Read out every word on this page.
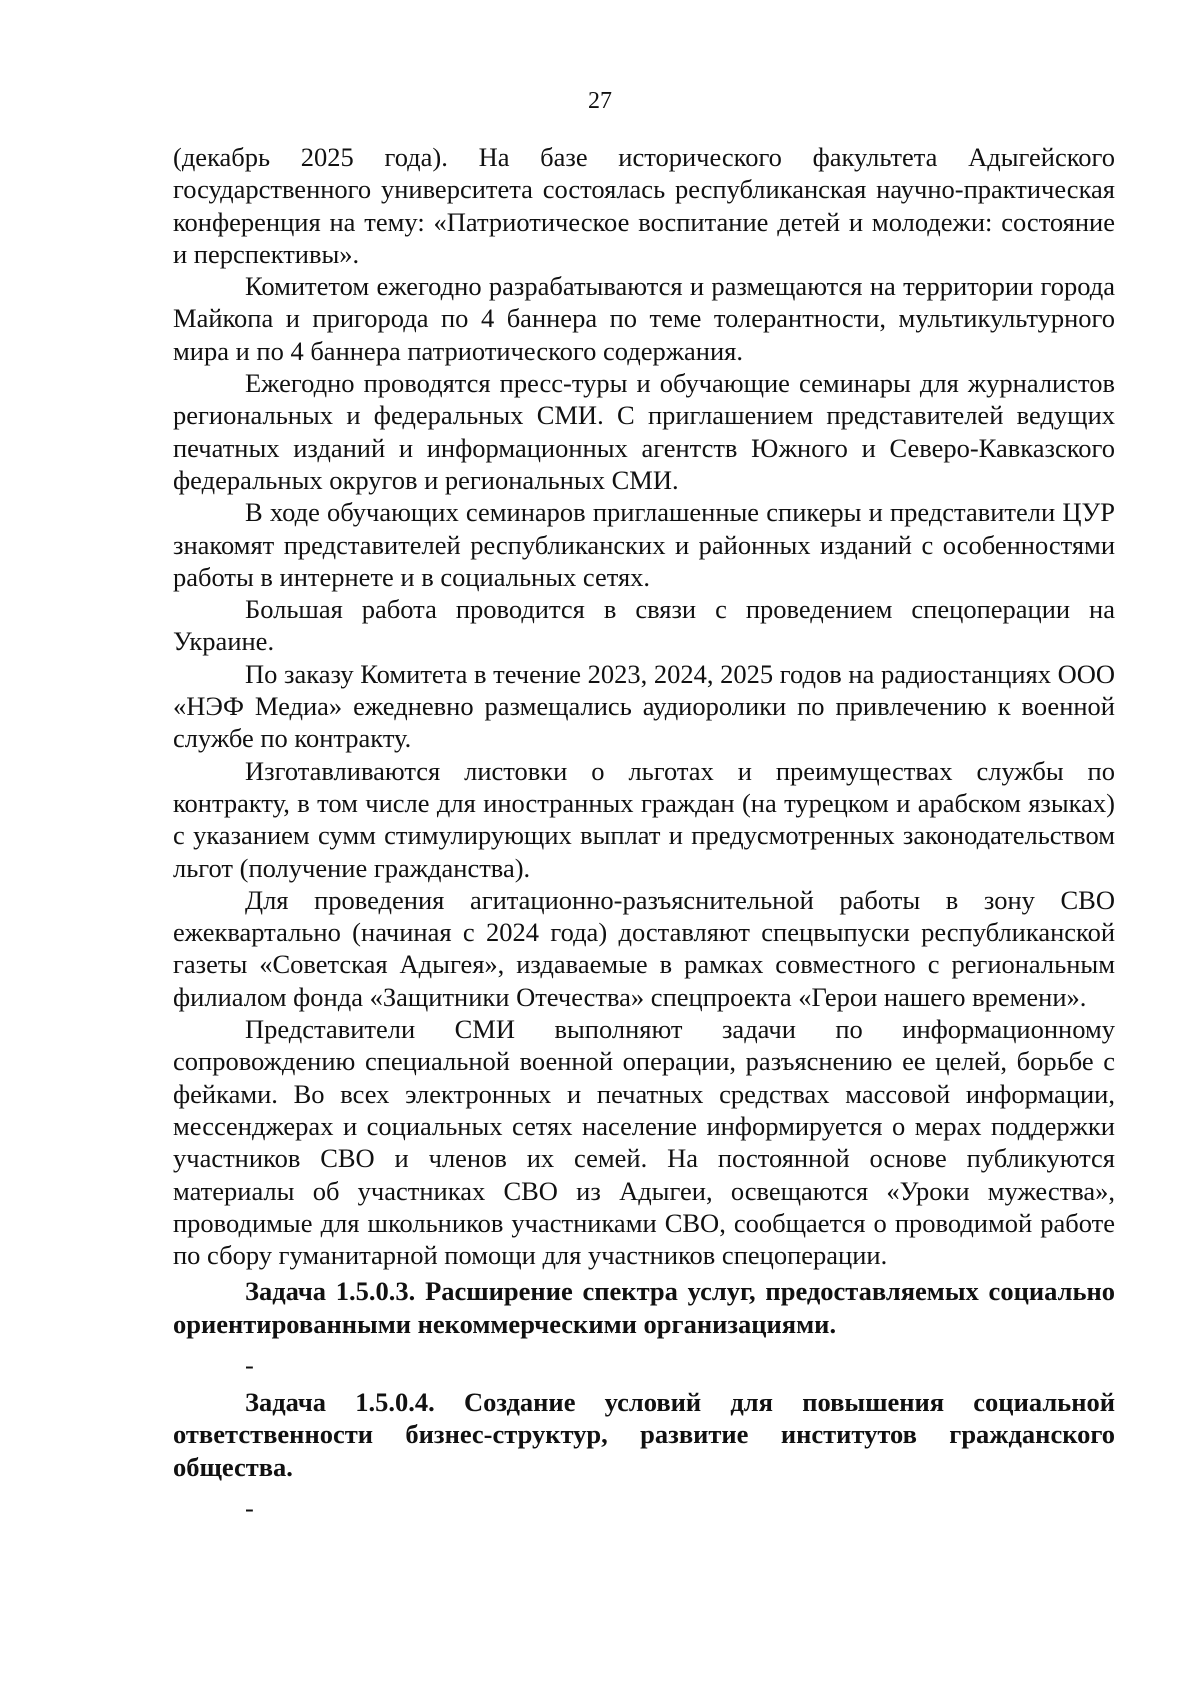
27

(декабрь 2025 года). На базе исторического факультета Адыгейского государственного университета состоялась республиканская научно-практическая конференция на тему: «Патриотическое воспитание детей и молодежи: состояние и перспективы».

Комитетом ежегодно разрабатываются и размещаются на территории города Майкопа и пригорода по 4 баннера по теме толерантности, мультикультурного мира и по 4 баннера патриотического содержания.

Ежегодно проводятся пресс-туры и обучающие семинары для журналистов региональных и федеральных СМИ. С приглашением представителей ведущих печатных изданий и информационных агентств Южного и Северо-Кавказского федеральных округов и региональных СМИ.

В ходе обучающих семинаров приглашенные спикеры и представители ЦУР знакомят представителей республиканских и районных изданий с особенностями работы в интернете и в социальных сетях.

Большая работа проводится в связи с проведением спецоперации на Украине.

По заказу Комитета в течение 2023, 2024, 2025 годов на радиостанциях ООО «НЭФ Медиа» ежедневно размещались аудиоролики по привлечению к военной службе по контракту.

Изготавливаются листовки о льготах и преимуществах службы по контракту, в том числе для иностранных граждан (на турецком и арабском языках) с указанием сумм стимулирующих выплат и предусмотренных законодательством льгот (получение гражданства).

Для проведения агитационно-разъяснительной работы в зону СВО ежеквартально (начиная с 2024 года) доставляют спецвыпуски республиканской газеты «Советская Адыгея», издаваемые в рамках совместного с региональным филиалом фонда «Защитники Отечества» спецпроекта «Герои нашего времени».

Представители СМИ выполняют задачи по информационному сопровождению специальной военной операции, разъяснению ее целей, борьбе с фейками. Во всех электронных и печатных средствах массовой информации, мессенджерах и социальных сетях население информируется о мерах поддержки участников СВО и членов их семей. На постоянной основе публикуются материалы об участниках СВО из Адыгеи, освещаются «Уроки мужества», проводимые для школьников участниками СВО, сообщается о проводимой работе по сбору гуманитарной помощи для участников спецоперации.

Задача 1.5.0.3. Расширение спектра услуг, предоставляемых социально ориентированными некоммерческими организациями.

-

Задача 1.5.0.4. Создание условий для повышения социальной ответственности бизнес-структур, развитие институтов гражданского общества.

-
